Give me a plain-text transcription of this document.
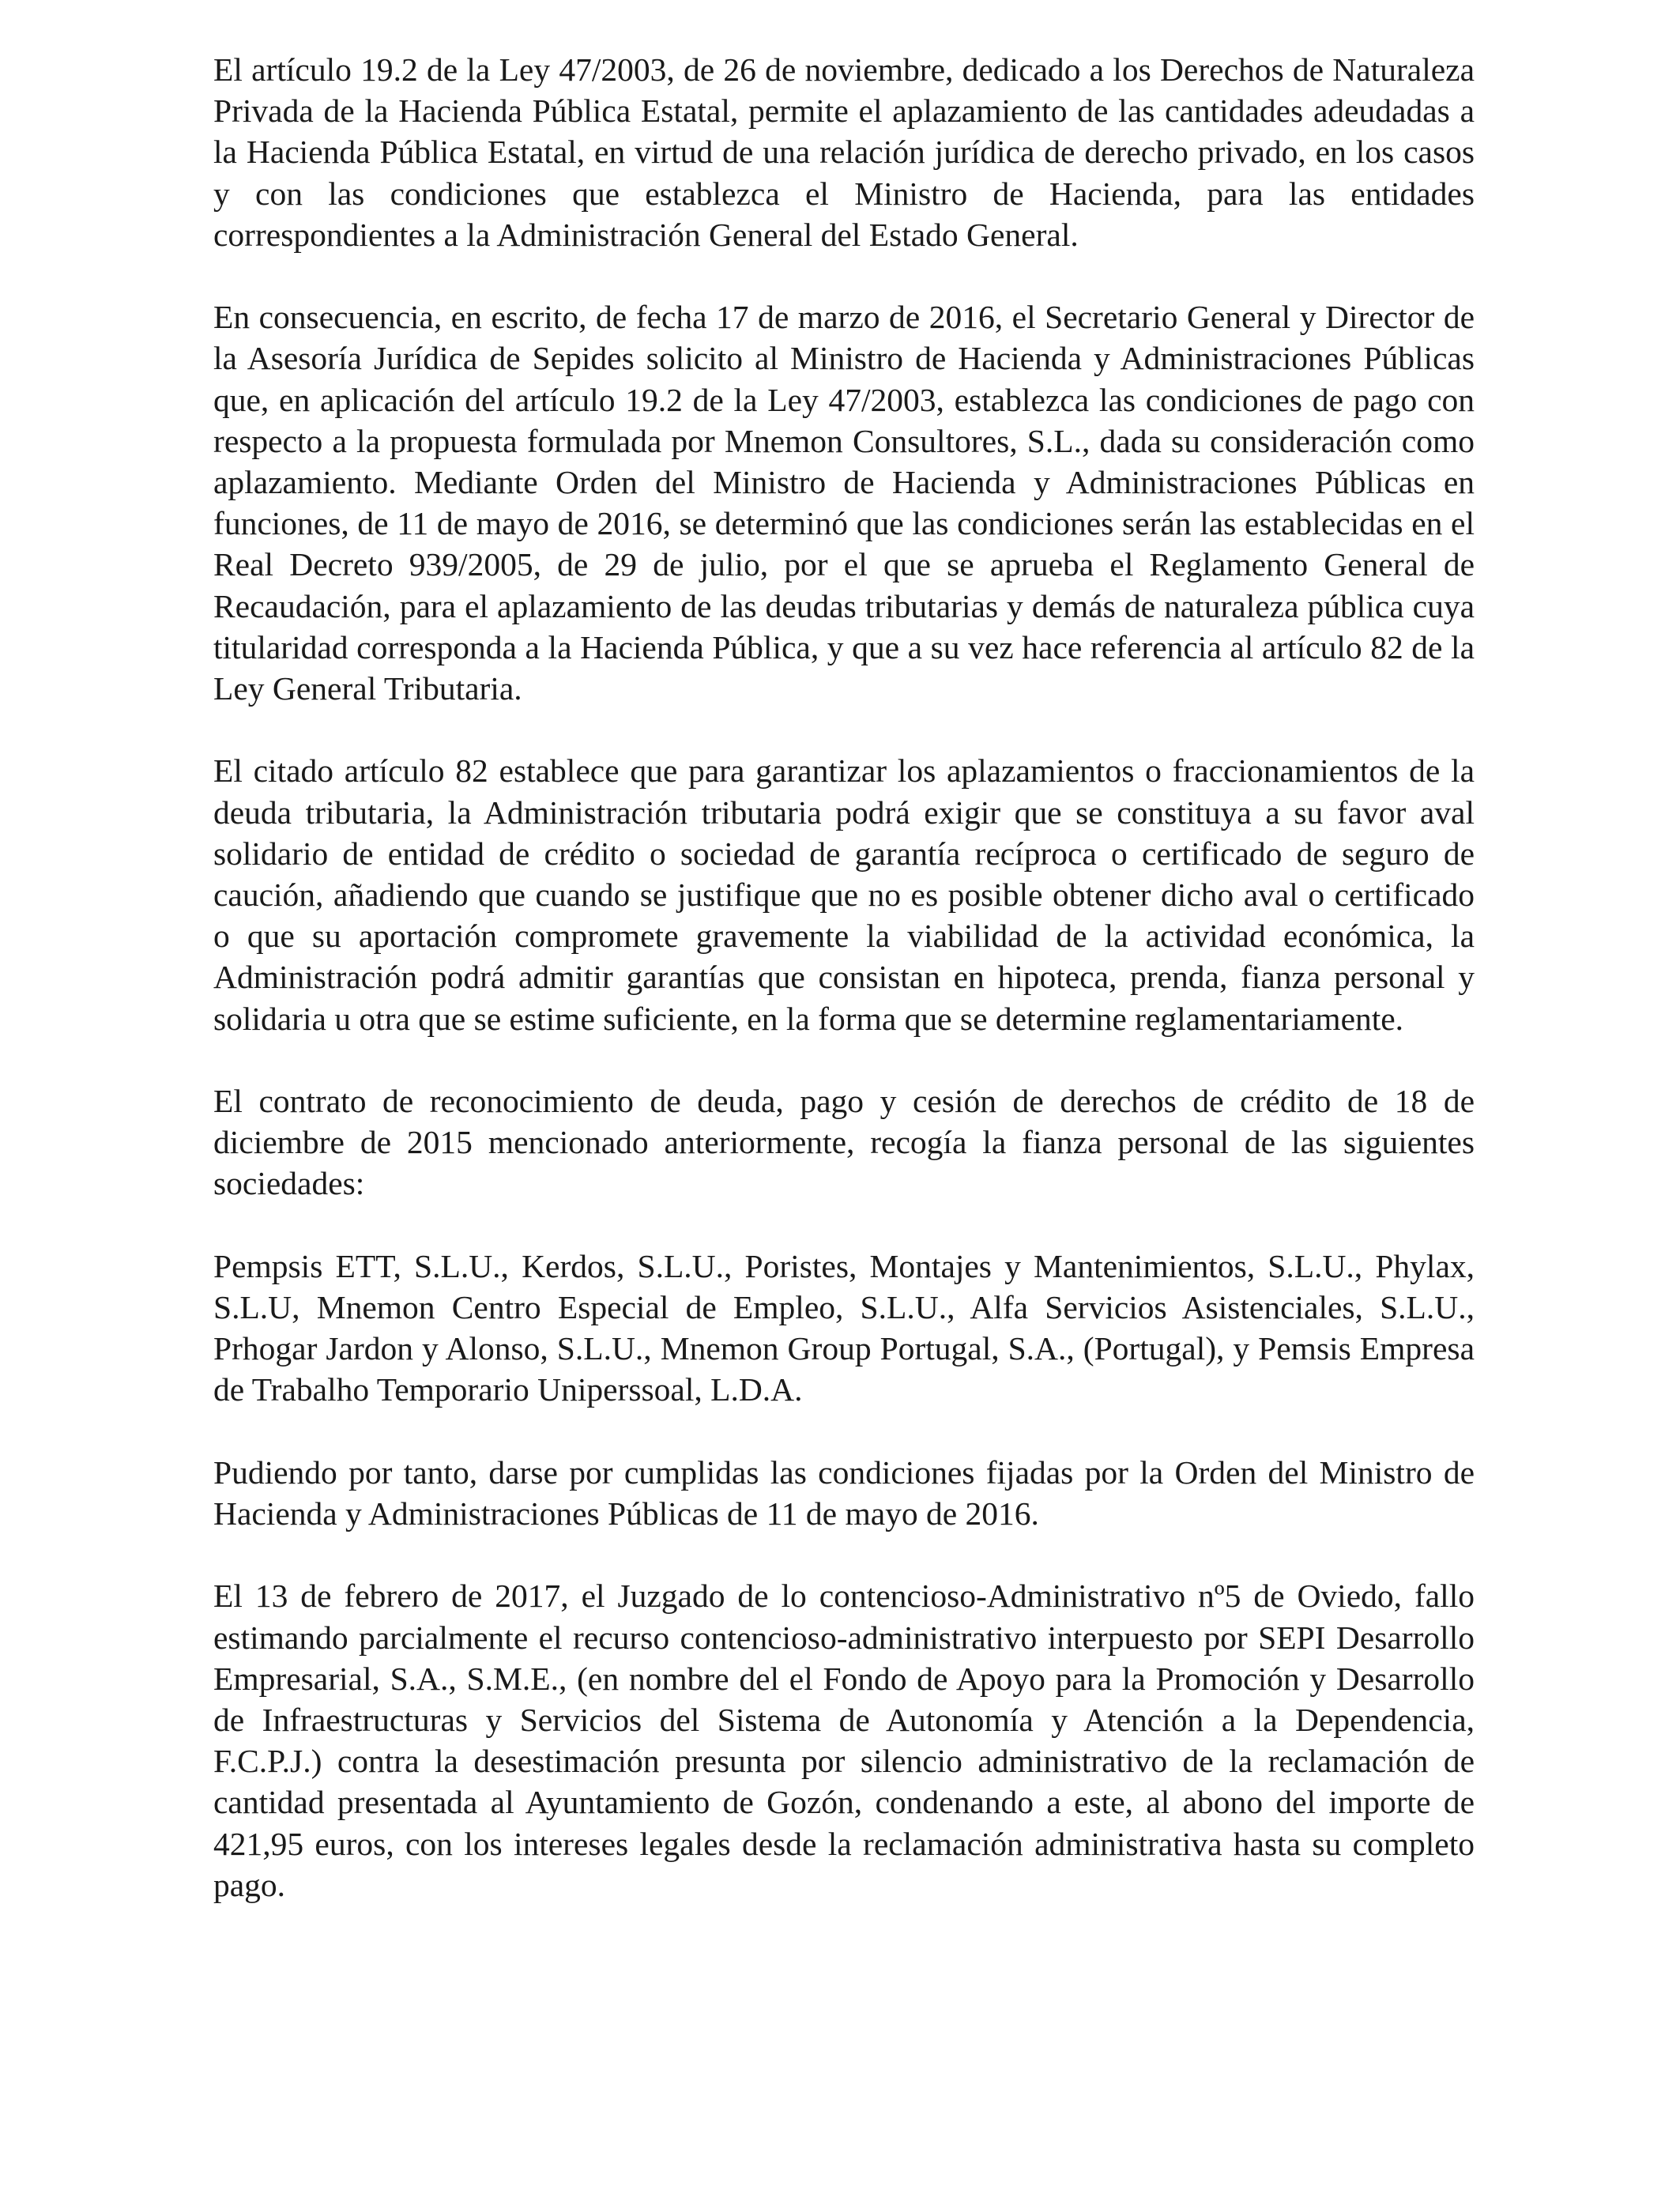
El artículo 19.2 de la Ley 47/2003, de 26 de noviembre, dedicado a los Derechos de Naturaleza Privada de la Hacienda Pública Estatal, permite el aplazamiento de las cantidades adeudadas a la Hacienda Pública Estatal, en virtud de una relación jurídica de derecho privado, en los casos y con las condiciones que establezca el Ministro de Hacienda, para las entidades correspondientes a la Administración General del Estado General.

En consecuencia, en escrito, de fecha 17 de marzo de 2016, el Secretario General y Director de la Asesoría Jurídica de Sepides solicito al Ministro de Hacienda y Administraciones Públicas que, en aplicación del artículo 19.2 de la Ley 47/2003, establezca las condiciones de pago con respecto a la propuesta formulada por Mnemon Consultores, S.L., dada su consideración como aplazamiento. Mediante Orden del Ministro de Hacienda y Administraciones Públicas en funciones, de 11 de mayo de 2016, se determinó que las condiciones serán las establecidas en el Real Decreto 939/2005, de 29 de julio, por el que se aprueba el Reglamento General de Recaudación, para el aplazamiento de las deudas tributarias y demás de naturaleza pública cuya titularidad corresponda a la Hacienda Pública, y que a su vez hace referencia al artículo 82 de la Ley General Tributaria.

El citado artículo 82 establece que para garantizar los aplazamientos o fraccionamientos de la deuda tributaria, la Administración tributaria podrá exigir que se constituya a su favor aval solidario de entidad de crédito o sociedad de garantía recíproca o certificado de seguro de caución, añadiendo que cuando se justifique que no es posible obtener dicho aval o certificado o que su aportación compromete gravemente la viabilidad de la actividad económica, la Administración podrá admitir garantías que consistan en hipoteca, prenda, fianza personal y solidaria u otra que se estime suficiente, en la forma que se determine reglamentariamente.

El contrato de reconocimiento de deuda, pago y cesión de derechos de crédito de 18 de diciembre de 2015 mencionado anteriormente, recogía la fianza personal de las siguientes sociedades:

Pempsis ETT, S.L.U., Kerdos, S.L.U., Poristes, Montajes y Mantenimientos, S.L.U., Phylax, S.L.U, Mnemon Centro Especial de Empleo, S.L.U., Alfa Servicios Asistenciales, S.L.U., Prhogar Jardon y Alonso, S.L.U., Mnemon Group Portugal, S.A., (Portugal), y Pemsis Empresa de Trabalho Temporario Uniperssoal, L.D.A.

Pudiendo por tanto, darse por cumplidas las condiciones fijadas por la Orden del Ministro de Hacienda y Administraciones Públicas de 11 de mayo de 2016.

El 13 de febrero de 2017, el Juzgado de lo contencioso-Administrativo nº5 de Oviedo, fallo estimando parcialmente el recurso contencioso-administrativo interpuesto por SEPI Desarrollo Empresarial, S.A., S.M.E., (en nombre del el Fondo de Apoyo para la Promoción y Desarrollo de Infraestructuras y Servicios del Sistema de Autonomía y Atención a la Dependencia, F.C.P.J.) contra la desestimación presunta por silencio administrativo de la reclamación de cantidad presentada al Ayuntamiento de Gozón, condenando a este, al abono del importe de 421,95 euros, con los intereses legales desde la reclamación administrativa hasta su completo pago.
